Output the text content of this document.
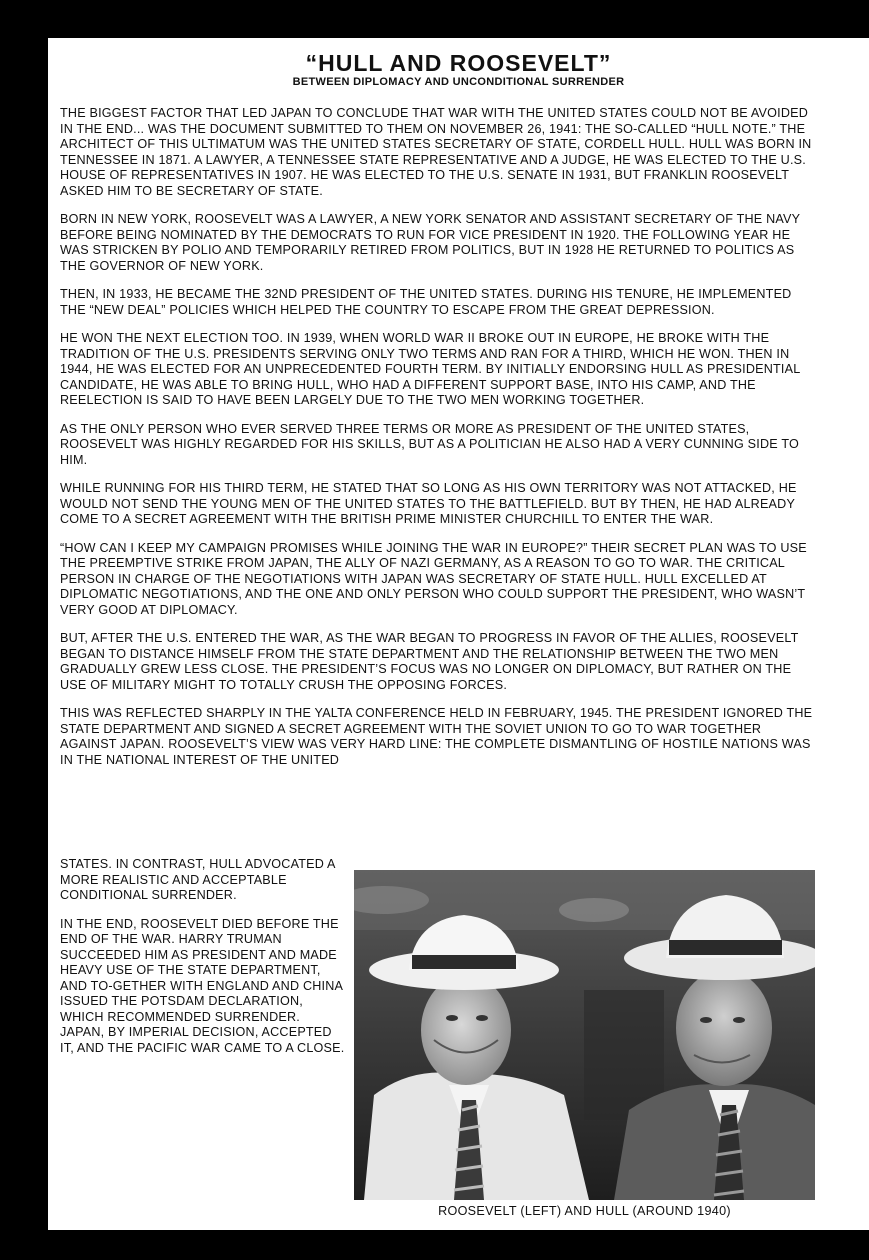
“HULL AND ROOSEVELT”
BETWEEN DIPLOMACY AND UNCONDITIONAL SURRENDER

THE BIGGEST FACTOR THAT LED JAPAN TO CONCLUDE THAT WAR WITH THE UNITED STATES COULD NOT BE AVOIDED IN THE END... WAS THE DOCUMENT SUBMITTED TO THEM ON NOVEMBER 26, 1941: THE SO-CALLED “HULL NOTE.” THE ARCHITECT OF THIS ULTIMATUM WAS THE UNITED STATES SECRETARY OF STATE, CORDELL HULL. HULL WAS BORN IN TENNESSEE IN 1871. A LAWYER, A TENNESSEE STATE REPRESENTATIVE AND A JUDGE, HE WAS ELECTED TO THE U.S. HOUSE OF REPRESENTATIVES IN 1907. HE WAS ELECTED TO THE U.S. SENATE IN 1931, BUT FRANKLIN ROOSEVELT ASKED HIM TO BE SECRETARY OF STATE.

BORN IN NEW YORK, ROOSEVELT WAS A LAWYER, A NEW YORK SENATOR AND ASSISTANT SECRETARY OF THE NAVY BEFORE BEING NOMINATED BY THE DEMOCRATS TO RUN FOR VICE PRESIDENT IN 1920. THE FOLLOWING YEAR HE WAS STRICKEN BY POLIO AND TEMPORARILY RETIRED FROM POLITICS, BUT IN 1928 HE RETURNED TO POLITICS AS THE GOVERNOR OF NEW YORK.

THEN, IN 1933, HE BECAME THE 32ND PRESIDENT OF THE UNITED STATES. DURING HIS TENURE, HE IMPLEMENTED THE “NEW DEAL” POLICIES WHICH HELPED THE COUNTRY TO ESCAPE FROM THE GREAT DEPRESSION.

HE WON THE NEXT ELECTION TOO. IN 1939, WHEN WORLD WAR II BROKE OUT IN EUROPE, HE BROKE WITH THE TRADITION OF THE U.S. PRESIDENTS SERVING ONLY TWO TERMS AND RAN FOR A THIRD, WHICH HE WON. THEN IN 1944, HE WAS ELECTED FOR AN UNPRECEDENTED FOURTH TERM. BY INITIALLY ENDORSING HULL AS PRESIDENTIAL CANDIDATE, HE WAS ABLE TO BRING HULL, WHO HAD A DIFFERENT SUPPORT BASE, INTO HIS CAMP, AND THE REELECTION IS SAID TO HAVE BEEN LARGELY DUE TO THE TWO MEN WORKING TOGETHER.

AS THE ONLY PERSON WHO EVER SERVED THREE TERMS OR MORE AS PRESIDENT OF THE UNITED STATES, ROOSEVELT WAS HIGHLY REGARDED FOR HIS SKILLS, BUT AS A POLITICIAN HE ALSO HAD A VERY CUNNING SIDE TO HIM.

WHILE RUNNING FOR HIS THIRD TERM, HE STATED THAT SO LONG AS HIS OWN TERRITORY WAS NOT ATTACKED, HE WOULD NOT SEND THE YOUNG MEN OF THE UNITED STATES TO THE BATTLEFIELD. BUT BY THEN, HE HAD ALREADY COME TO A SECRET AGREEMENT WITH THE BRITISH PRIME MINISTER CHURCHILL TO ENTER THE WAR.

“HOW CAN I KEEP MY CAMPAIGN PROMISES WHILE JOINING THE WAR IN EUROPE?” THEIR SECRET PLAN WAS TO USE THE PREEMPTIVE STRIKE FROM JAPAN, THE ALLY OF NAZI GERMANY, AS A REASON TO GO TO WAR. THE CRITICAL PERSON IN CHARGE OF THE NEGOTIATIONS WITH JAPAN WAS SECRETARY OF STATE HULL. HULL EXCELLED AT DIPLOMATIC NEGOTIATIONS, AND THE ONE AND ONLY PERSON WHO COULD SUPPORT THE PRESIDENT, WHO WASN’T VERY GOOD AT DIPLOMACY.

BUT, AFTER THE U.S. ENTERED THE WAR, AS THE WAR BEGAN TO PROGRESS IN FAVOR OF THE ALLIES, ROOSEVELT BEGAN TO DISTANCE HIMSELF FROM THE STATE DEPARTMENT AND THE RELATIONSHIP BETWEEN THE TWO MEN GRADUALLY GREW LESS CLOSE. THE PRESIDENT’S FOCUS WAS NO LONGER ON DIPLOMACY, BUT RATHER ON THE USE OF MILITARY MIGHT TO TOTALLY CRUSH THE OPPOSING FORCES.

THIS WAS REFLECTED SHARPLY IN THE YALTA CONFERENCE HELD IN FEBRUARY, 1945. THE PRESIDENT IGNORED THE STATE DEPARTMENT AND SIGNED A SECRET AGREEMENT WITH THE SOVIET UNION TO GO TO WAR TOGETHER AGAINST JAPAN. ROOSEVELT’S VIEW WAS VERY HARD LINE: THE COMPLETE DISMANTLING OF HOSTILE NATIONS WAS IN THE NATIONAL INTEREST OF THE UNITED

STATES. IN CONTRAST, HULL ADVOCATED A MORE REALISTIC AND ACCEPTABLE CONDITIONAL SURRENDER.

IN THE END, ROOSEVELT DIED BEFORE THE END OF THE WAR. HARRY TRUMAN SUCCEEDED HIM AS PRESIDENT AND MADE HEAVY USE OF THE STATE DEPARTMENT, AND TO-GETHER WITH ENGLAND AND CHINA ISSUED THE POTSDAM DECLARATION, WHICH RECOMMENDED SURRENDER. JAPAN, BY IMPERIAL DECISION, ACCEPTED IT, AND THE PACIFIC WAR CAME TO A CLOSE.

ROOSEVELT (LEFT) AND HULL (AROUND 1940)
